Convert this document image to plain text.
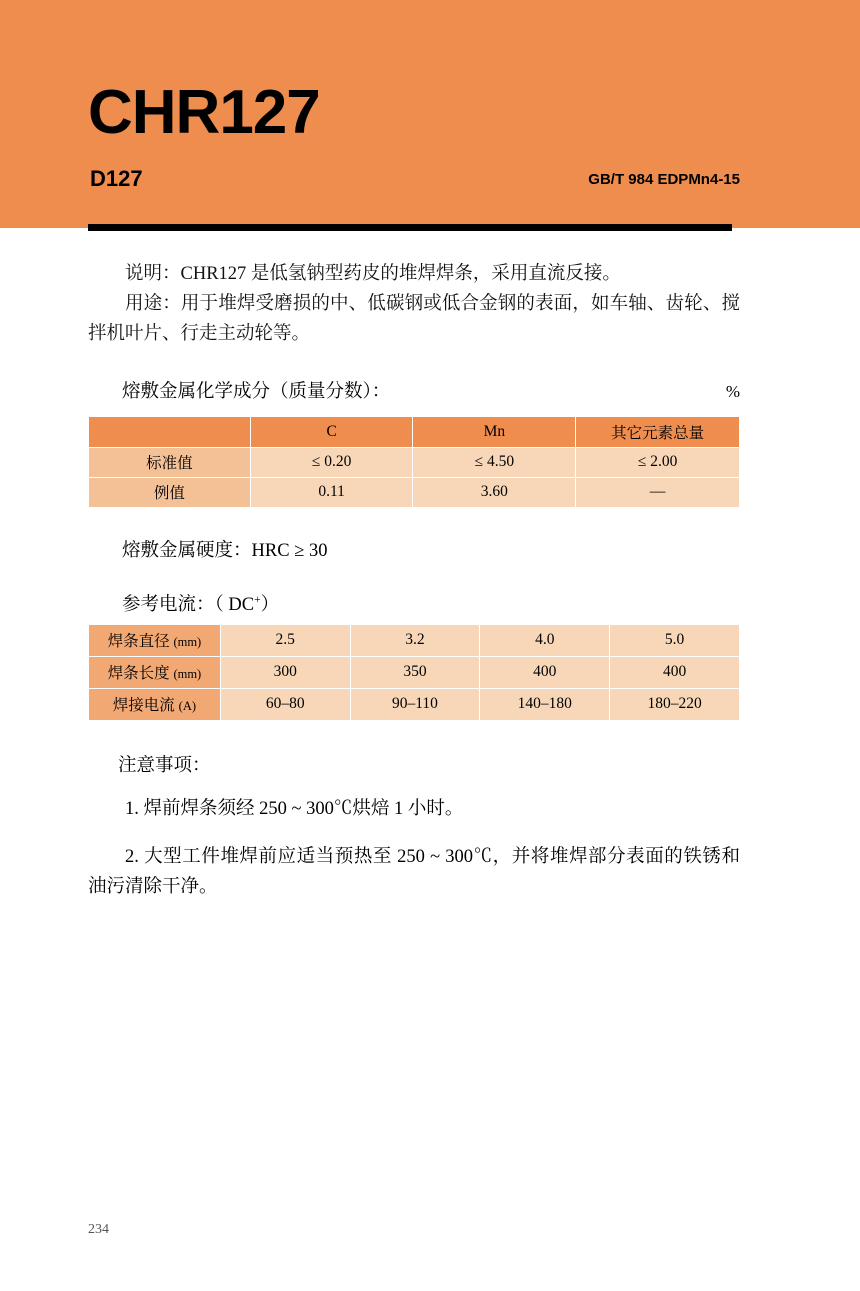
CHR127
D127	GB/T 984 EDPMn4-15

说明：CHR127 是低氢钠型药皮的堆焊焊条，采用直流反接。

用途：用于堆焊受磨损的中、低碳钢或低合金钢的表面，如车轴、齿轮、搅拌机叶片、行走主动轮等。

熔敷金属化学成分（质量分数）：	%
	C	Mn	其它元素总量
标准值	≤ 0.20	≤ 4.50	≤ 2.00
例值	0.11	3.60	—
熔敷金属硬度：HRC ≥ 30
参考电流：（ DC+）
焊条直径 (mm)	2.5	3.2	4.0	5.0
焊条长度 (mm)	300	350	400	400
焊接电流 (A)	60–80	90–110	140–180	180–220
注意事项：

1. 焊前焊条须经 250 ~ 300℃烘焙 1 小时。

2. 大型工件堆焊前应适当预热至 250 ~ 300℃，并将堆焊部分表面的铁锈和油污清除干净。

234
